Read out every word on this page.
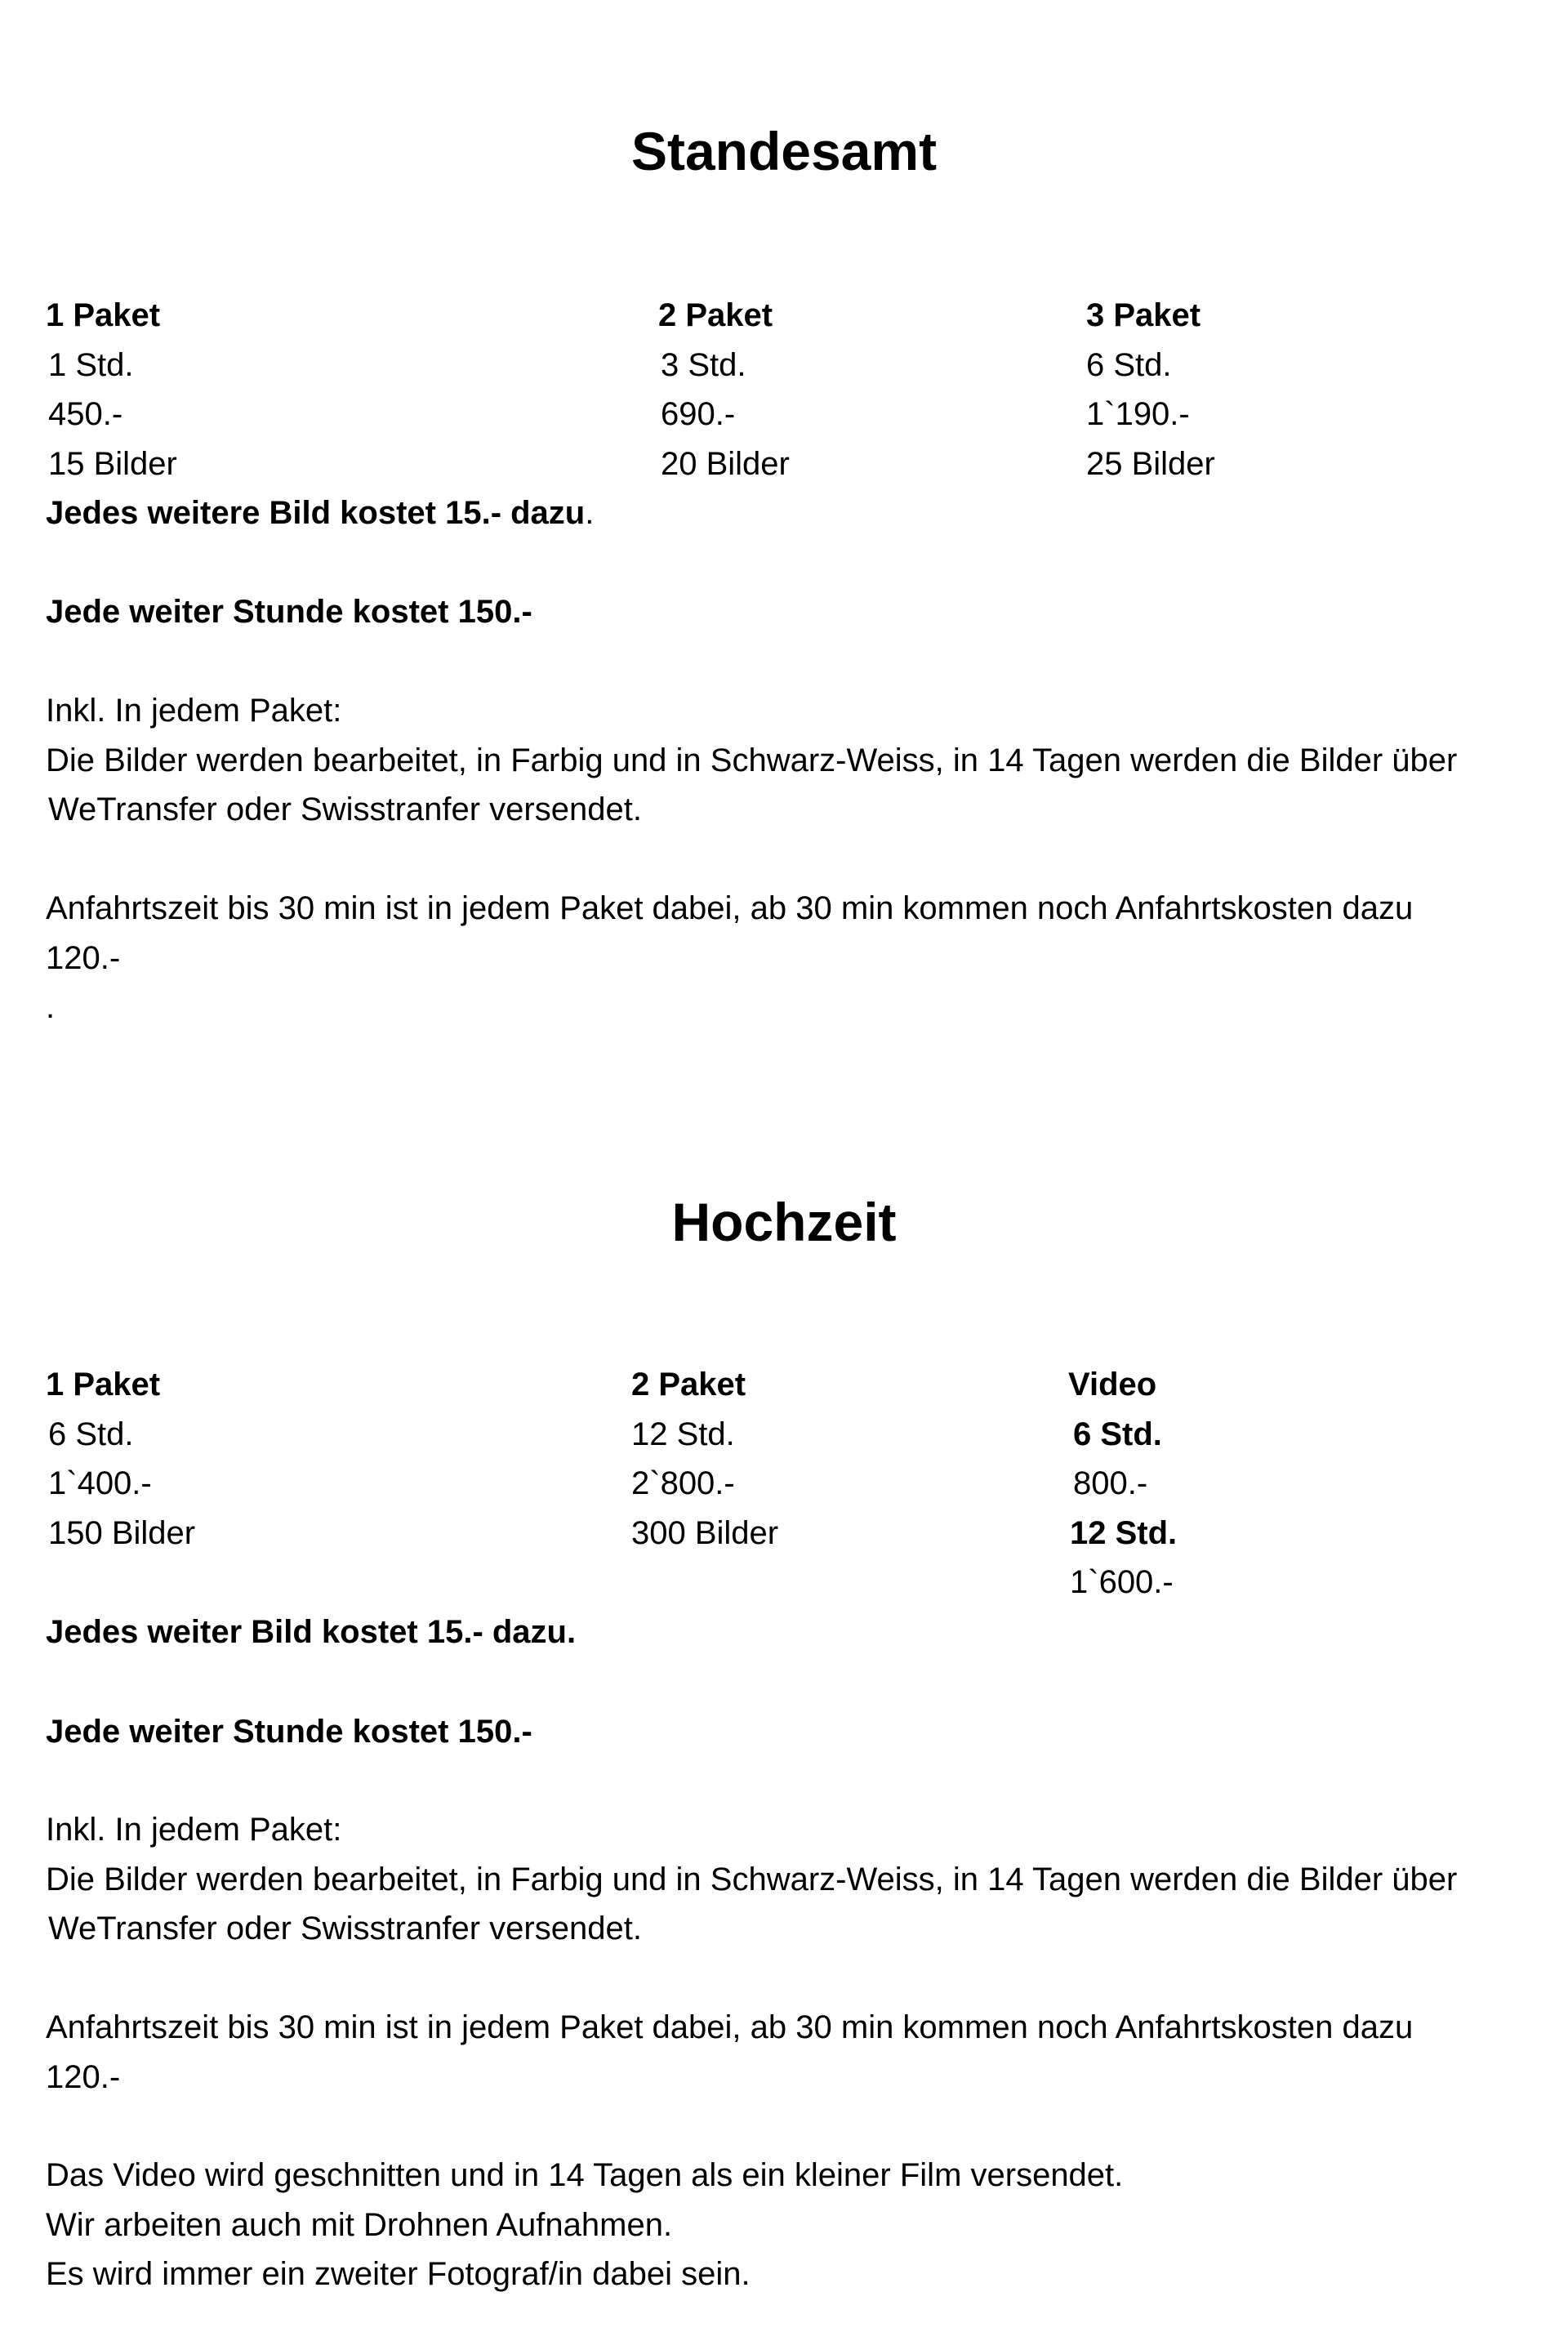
Standesamt
1 Paket
1 Std.
450.-
15 Bilder
2 Paket
3 Std.
690.-
20 Bilder
3 Paket
6 Std.
1`190.-
25 Bilder
Jedes weitere Bild kostet 15.- dazu.
Jede weiter Stunde kostet 150.-
Inkl. In jedem Paket:
Die Bilder werden bearbeitet, in Farbig und in Schwarz-Weiss, in 14 Tagen werden die Bilder über
WeTransfer oder Swisstranfer versendet.
Anfahrtszeit bis 30 min ist in jedem Paket dabei, ab 30 min kommen noch Anfahrtskosten dazu
120.-
.
Hochzeit
1 Paket
6 Std.
1`400.-
150 Bilder
2 Paket
12 Std.
2`800.-
300 Bilder
Video
6 Std.
800.-
12 Std.
1`600.-
Jedes weiter Bild kostet 15.- dazu.
Jede weiter Stunde kostet 150.-
Inkl. In jedem Paket:
Die Bilder werden bearbeitet, in Farbig und in Schwarz-Weiss, in 14 Tagen werden die Bilder über
WeTransfer oder Swisstranfer versendet.
Anfahrtszeit bis 30 min ist in jedem Paket dabei, ab 30 min kommen noch Anfahrtskosten dazu
120.-
Das Video wird geschnitten und in 14 Tagen als ein kleiner Film versendet.
Wir arbeiten auch mit Drohnen Aufnahmen.
Es wird immer ein zweiter Fotograf/in dabei sein.
